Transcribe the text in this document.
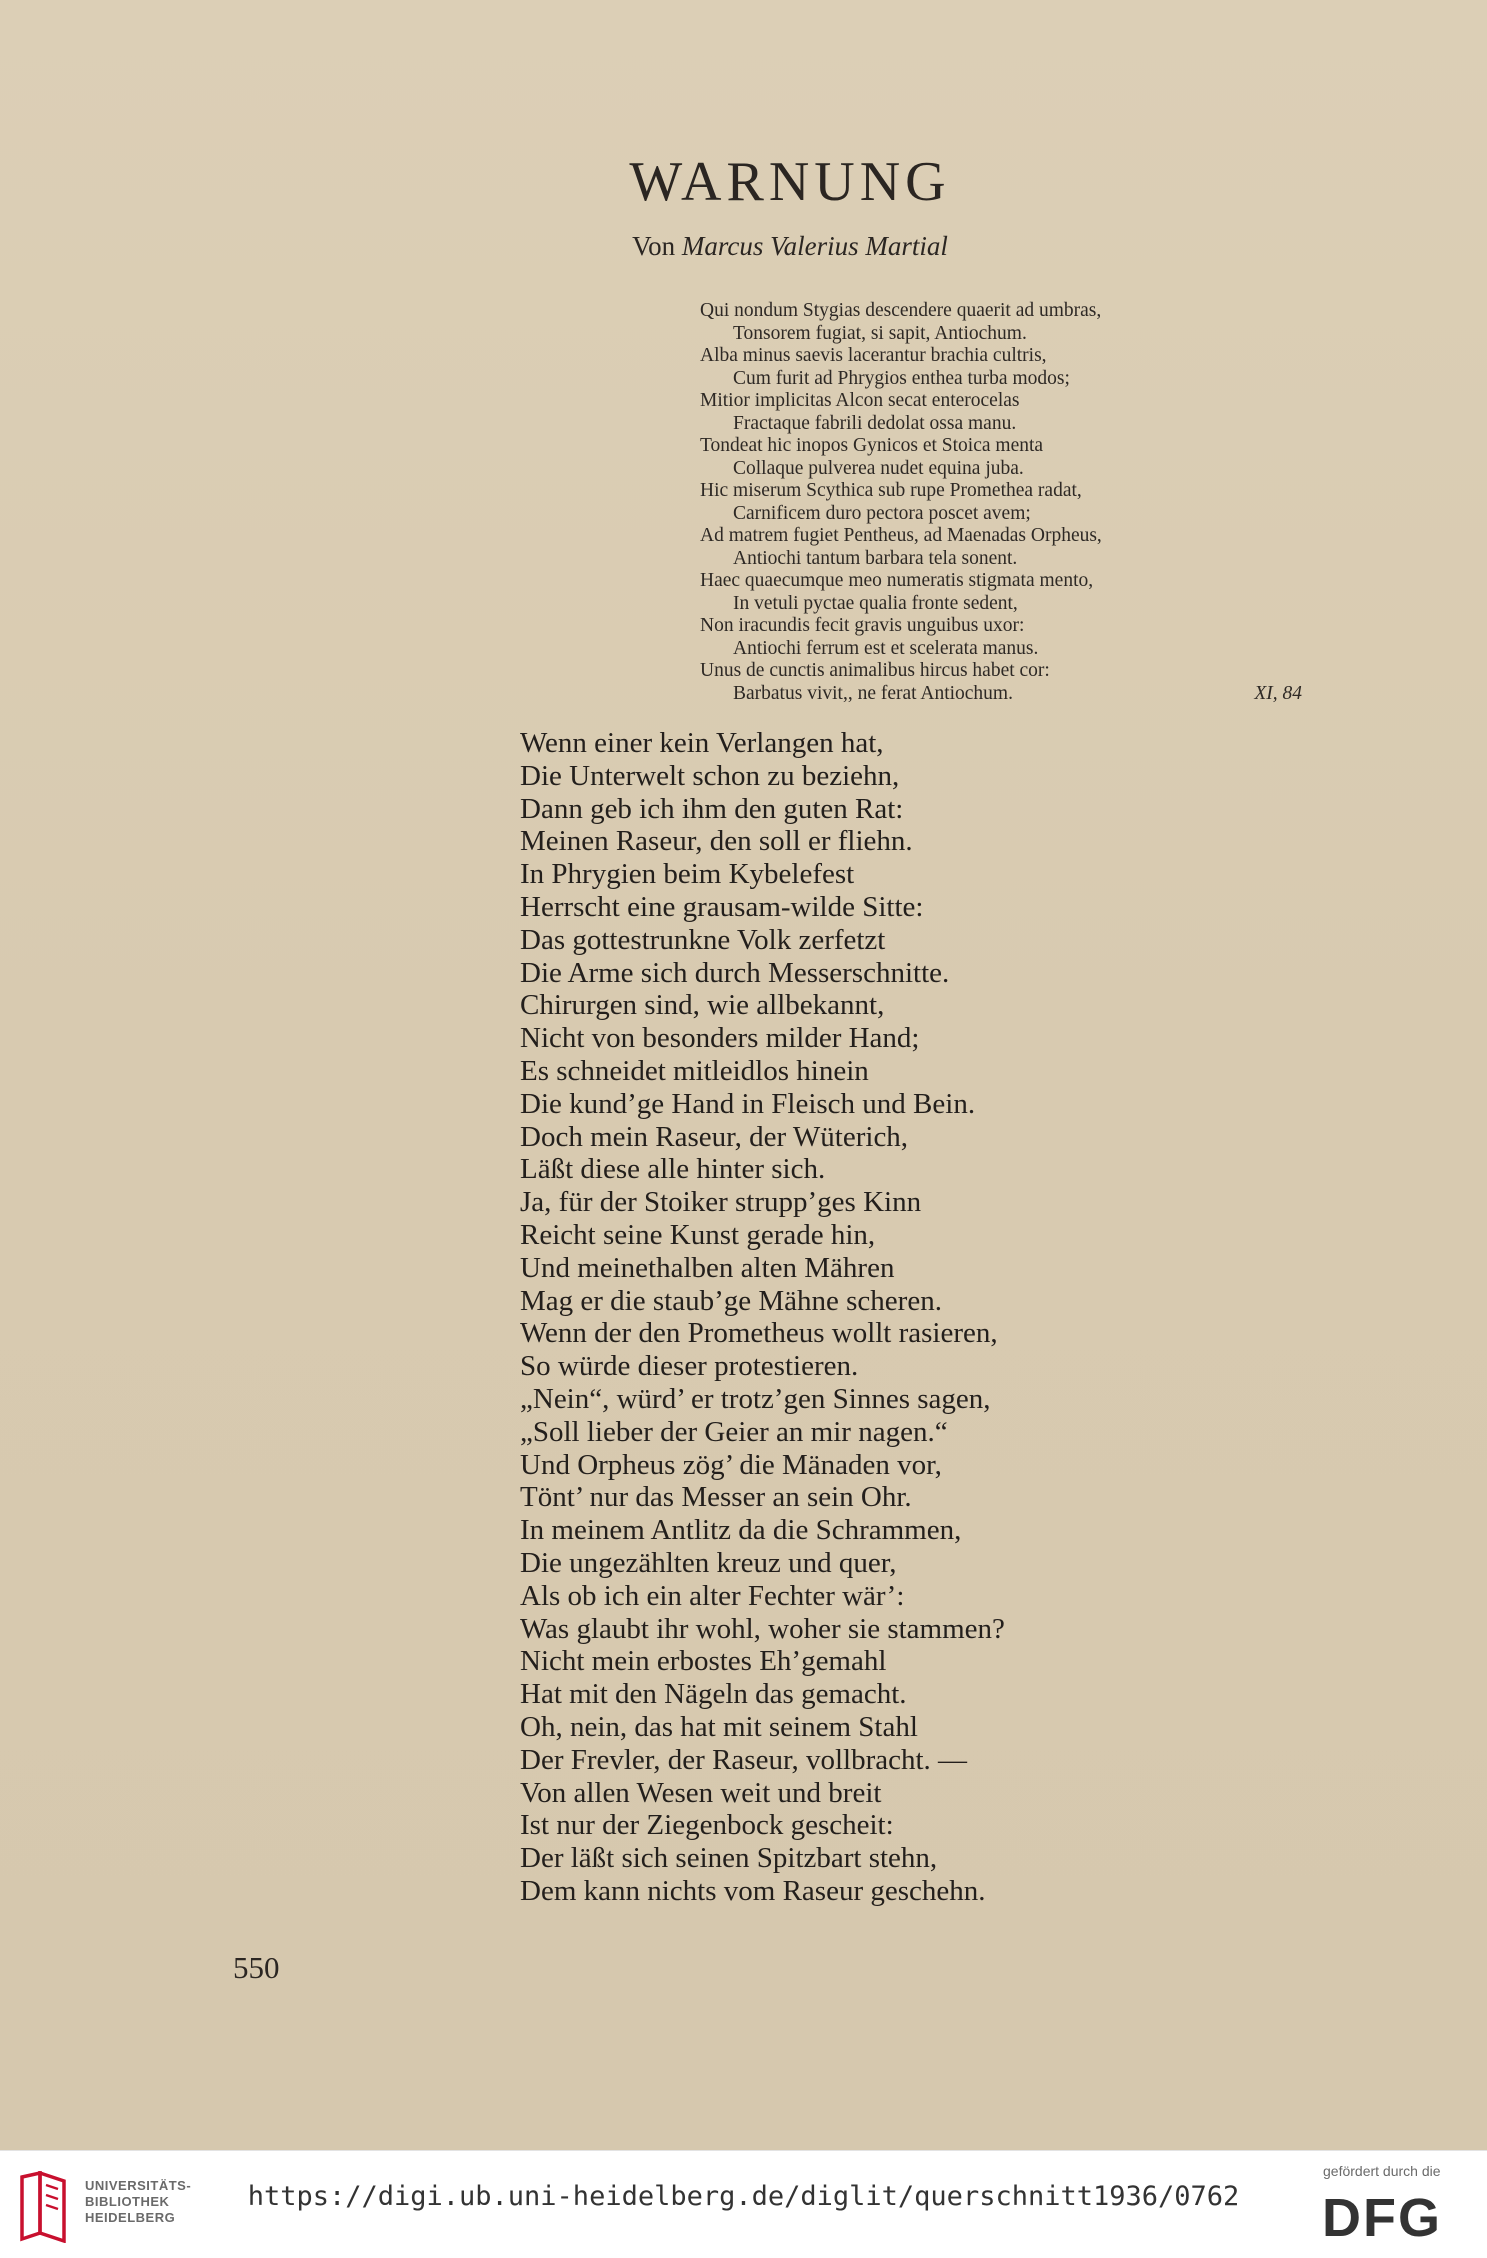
WARNUNG
Von Marcus Valerius Martial
Qui nondum Stygias descendere quaerit ad umbras,
Tonsorem fugiat, si sapit, Antiochum.
Alba minus saevis lacerantur brachia cultris,
Cum furit ad Phrygios enthea turba modos;
Mitior implicitas Alcon secat enterocelas
Fractaque fabrili dedolat ossa manu.
Tondeat hic inopos Gynicos et Stoica menta
Collaque pulverea nudet equina juba.
Hic miserum Scythica sub rupe Promethea radat,
Carnificem duro pectora poscet avem;
Ad matrem fugiet Pentheus, ad Maenadas Orpheus,
Antiochi tantum barbara tela sonent.
Haec quaecumque meo numeratis stigmata mento,
In vetuli pyctae qualia fronte sedent,
Non iracundis fecit gravis unguibus uxor:
Antiochi ferrum est et scelerata manus.
Unus de cunctis animalibus hircus habet cor:
Barbatus vivit,, ne ferat Antiochum.	XI, 84
Wenn einer kein Verlangen hat,
Die Unterwelt schon zu beziehn,
Dann geb ich ihm den guten Rat:
Meinen Raseur, den soll er fliehn.
In Phrygien beim Kybelefest
Herrscht eine grausam-wilde Sitte:
Das gottestrunkne Volk zerfetzt
Die Arme sich durch Messerschnitte.
Chirurgen sind, wie allbekannt,
Nicht von besonders milder Hand;
Es schneidet mitleidlos hinein
Die kund’ge Hand in Fleisch und Bein.
Doch mein Raseur, der Wüterich,
Läßt diese alle hinter sich.
Ja, für der Stoiker strupp’ges Kinn
Reicht seine Kunst gerade hin,
Und meinethalben alten Mähren
Mag er die staub’ge Mähne scheren.
Wenn der den Prometheus wollt rasieren,
So würde dieser protestieren.
„Nein“, würd’ er trotz’gen Sinnes sagen,
„Soll lieber der Geier an mir nagen.“
Und Orpheus zög’ die Mänaden vor,
Tönt’ nur das Messer an sein Ohr.
In meinem Antlitz da die Schrammen,
Die ungezählten kreuz und quer,
Als ob ich ein alter Fechter wär’:
Was glaubt ihr wohl, woher sie stammen?
Nicht mein erbostes Eh’gemahl
Hat mit den Nägeln das gemacht.
Oh, nein, das hat mit seinem Stahl
Der Frevler, der Raseur, vollbracht. —
Von allen Wesen weit und breit
Ist nur der Ziegenbock gescheit:
Der läßt sich seinen Spitzbart stehn,
Dem kann nichts vom Raseur geschehn.
550
UNIVERSITÄTS-
BIBLIOTHEK
HEIDELBERG
https://digi.ub.uni-heidelberg.de/diglit/querschnitt1936/0762
gefördert durch die
DFG
